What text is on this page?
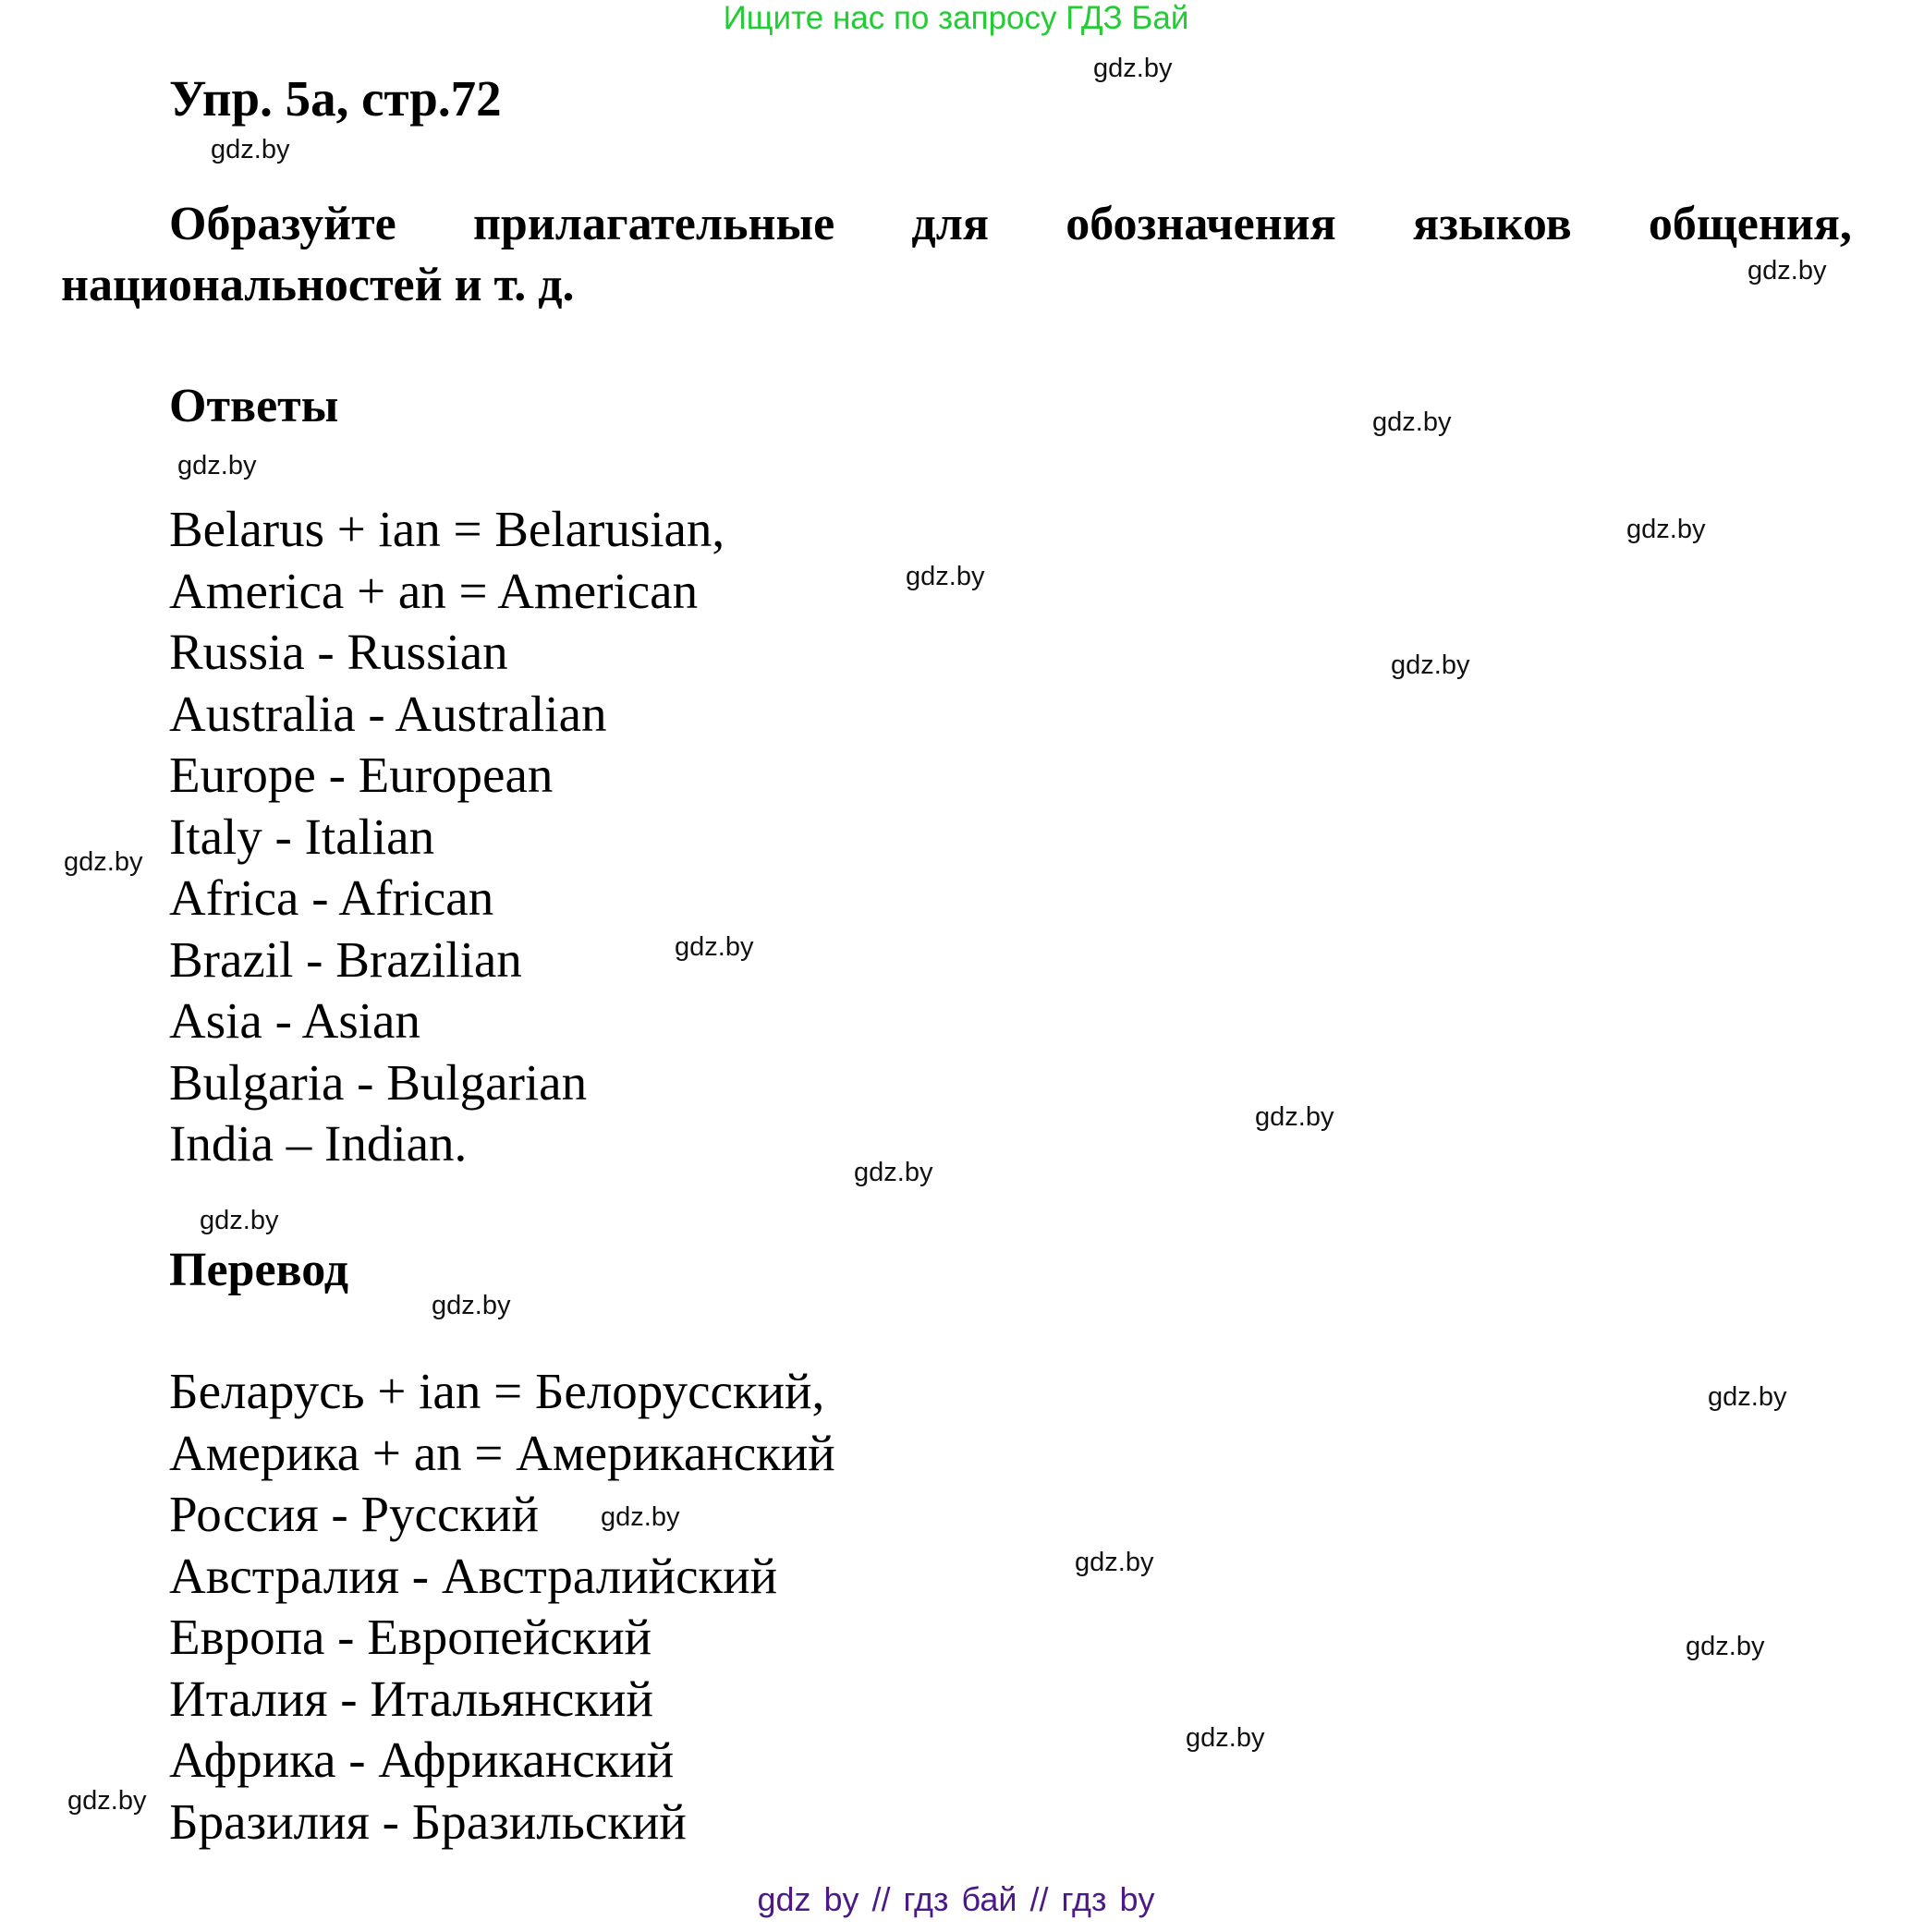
Ищите нас по запросу ГДЗ Бай
Упр. 5а, стр.72
Образуйте прилагательные для обозначения языков общения,
национальностей и т. д.
Ответы
Belarus + ian = Belarusian,
America + an = American
Russia - Russian
Australia - Australian
Europe - European
Italy - Italian
Africa - African
Brazil - Brazilian
Asia - Asian
Bulgaria - Bulgarian
India – Indian.
Перевод
Беларусь + ian = Белорусский,
Америка + an = Американский
Россия - Русский
Австралия - Австралийский
Европа - Европейский
Италия - Итальянский
Африка - Африканский
Бразилия - Бразильский
gdz.by
gdz.by
gdz.by
gdz.by
gdz.by
gdz.by
gdz.by
gdz.by
gdz.by
gdz.by
gdz.by
gdz.by
gdz.by
gdz.by
gdz.by
gdz.by
gdz.by
gdz.by
gdz.by
gdz.by
gdz by // гдз бай // гдз by
